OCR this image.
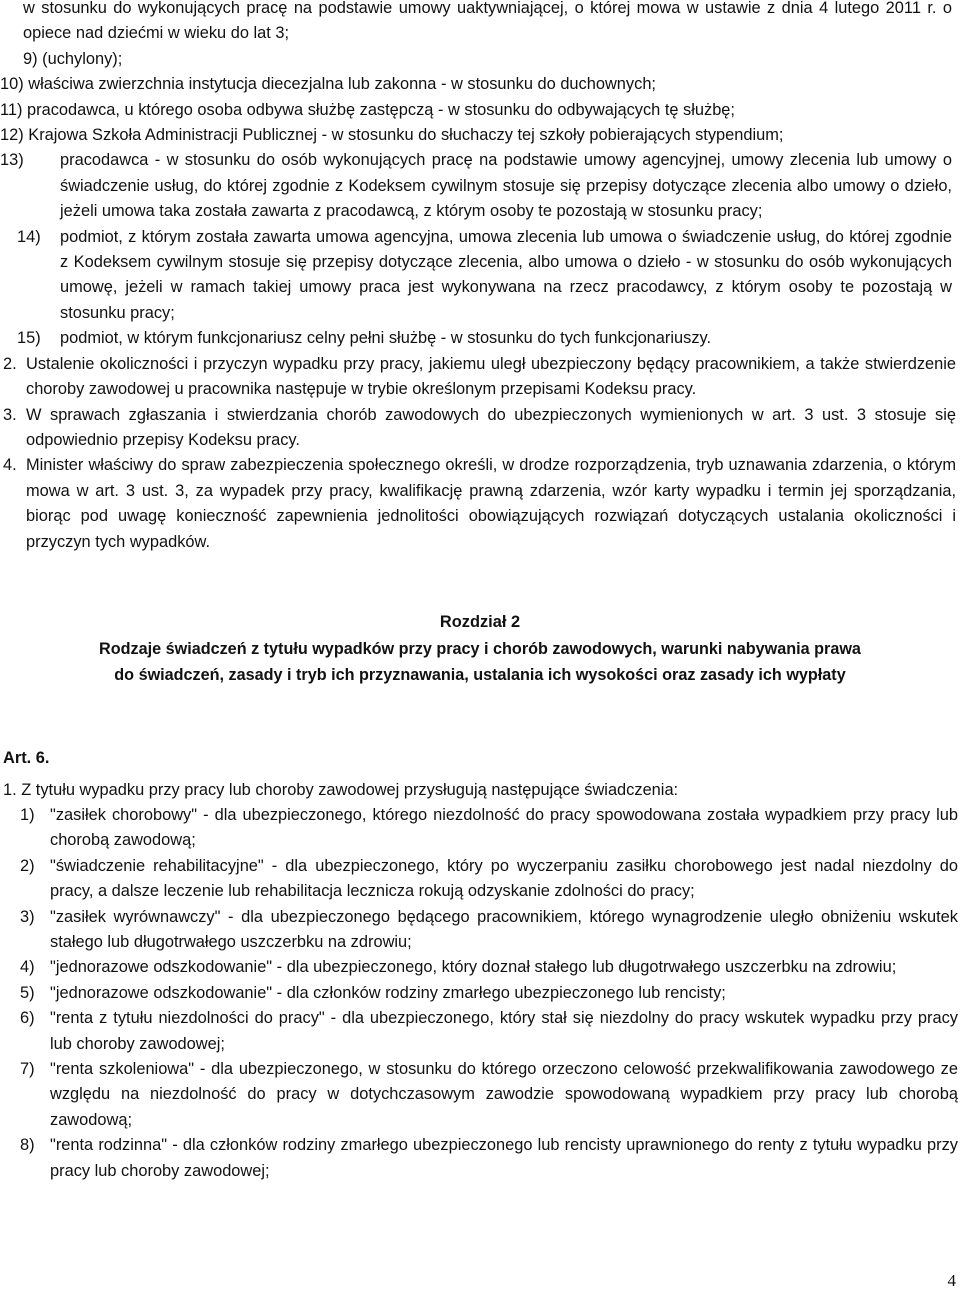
w stosunku do wykonujących pracę na podstawie umowy uaktywniającej, o której mowa w ustawie z dnia 4 lutego 2011 r. o opiece nad dziećmi w wieku do lat 3;
9)
(uchylony);
10)
właściwa zwierzchnia instytucja diecezjalna lub zakonna - w stosunku do duchownych;
11)
pracodawca, u którego osoba odbywa służbę zastępczą - w stosunku do odbywających tę służbę;
12)
Krajowa Szkoła Administracji Publicznej - w stosunku do słuchaczy tej szkoły pobierających stypendium;
13)	pracodawca - w stosunku do osób wykonujących pracę na podstawie umowy agencyjnej, umowy zlecenia lub umowy o świadczenie usług, do której zgodnie z Kodeksem cywilnym stosuje się przepisy dotyczące zlecenia albo umowy o dzieło, jeżeli umowa taka została zawarta z pracodawcą, z którym osoby te pozostają w stosunku pracy;
14)	podmiot, z którym została zawarta umowa agencyjna, umowa zlecenia lub umowa o świadczenie usług, do której zgodnie z Kodeksem cywilnym stosuje się przepisy dotyczące zlecenia, albo umowa o dzieło - w stosunku do osób wykonujących umowę, jeżeli w ramach takiej umowy praca jest wykonywana na rzecz pracodawcy, z którym osoby te pozostają w stosunku pracy;
15)	podmiot, w którym funkcjonariusz celny pełni służbę - w stosunku do tych funkcjonariuszy.
2. Ustalenie okoliczności i przyczyn wypadku przy pracy, jakiemu uległ ubezpieczony będący pracownikiem, a także stwierdzenie choroby zawodowej u pracownika następuje w trybie określonym przepisami Kodeksu pracy.
3. W sprawach zgłaszania i stwierdzania chorób zawodowych do ubezpieczonych wymienionych w art. 3 ust. 3 stosuje się odpowiednio przepisy Kodeksu pracy.
4. Minister właściwy do spraw zabezpieczenia społecznego określi, w drodze rozporządzenia, tryb uznawania zdarzenia, o którym mowa w art. 3 ust. 3, za wypadek przy pracy, kwalifikację prawną zdarzenia, wzór karty wypadku i termin jej sporządzania, biorąc pod uwagę konieczność zapewnienia jednolitości obowiązujących rozwiązań dotyczących ustalania okoliczności i przyczyn tych wypadków.
Rozdział 2
Rodzaje świadczeń z tytułu wypadków przy pracy i chorób zawodowych, warunki nabywania prawa
do świadczeń, zasady i tryb ich przyznawania, ustalania ich wysokości oraz zasady ich wypłaty
Art. 6.
1. Z tytułu wypadku przy pracy lub choroby zawodowej przysługują następujące świadczenia:
1) "zasiłek chorobowy" - dla ubezpieczonego, którego niezdolność do pracy spowodowana została wypadkiem przy pracy lub chorobą zawodową;
2) "świadczenie rehabilitacyjne" - dla ubezpieczonego, który po wyczerpaniu zasiłku chorobowego jest nadal niezdolny do pracy, a dalsze leczenie lub rehabilitacja lecznicza rokują odzyskanie zdolności do pracy;
3) "zasiłek wyrównawczy" - dla ubezpieczonego będącego pracownikiem, którego wynagrodzenie uległo obniżeniu wskutek stałego lub długotrwałego uszczerbku na zdrowiu;
4) "jednorazowe odszkodowanie" - dla ubezpieczonego, który doznał stałego lub długotrwałego uszczerbku na zdrowiu;
5) "jednorazowe odszkodowanie" - dla członków rodziny zmarłego ubezpieczonego lub rencisty;
6) "renta z tytułu niezdolności do pracy" - dla ubezpieczonego, który stał się niezdolny do pracy wskutek wypadku przy pracy lub choroby zawodowej;
7) "renta szkoleniowa" - dla ubezpieczonego, w stosunku do którego orzeczono celowość przekwalifikowania zawodowego ze względu na niezdolność do pracy w dotychczasowym zawodzie spowodowaną wypadkiem przy pracy lub chorobą zawodową;
8) "renta rodzinna" - dla członków rodziny zmarłego ubezpieczonego lub rencisty uprawnionego do renty z tytułu wypadku przy pracy lub choroby zawodowej;
4
